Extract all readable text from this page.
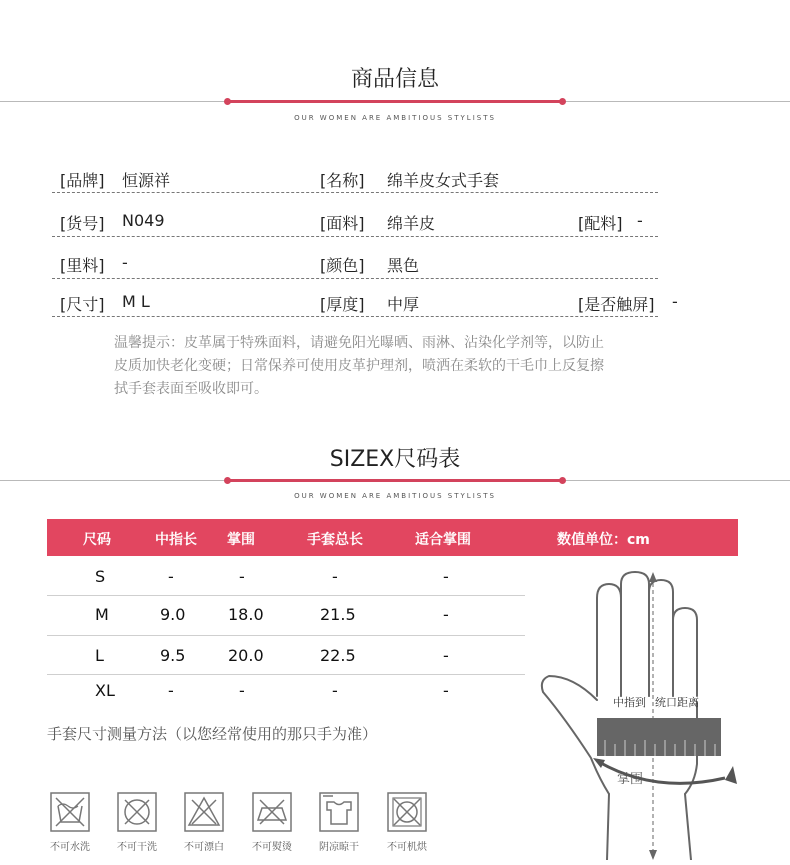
商品信息
OUR WOMEN ARE AMBITIOUS STYLISTS
[品牌] 恒源祥	[名称] 绵羊皮女式手套
[货号] N049	[面料] 绵羊皮	[配料] -
[里料] -	[颜色] 黑色
[尺寸] M L	[厚度] 中厚	[是否触屏] -
温馨提示：皮革属于特殊面料，请避免阳光曝晒、雨淋、沾染化学剂等，以防止
皮质加快老化变硬；日常保养可使用皮革护理剂，喷洒在柔软的干毛巾上反复擦
拭手套表面至吸收即可。
SIZEX尺码表
OUR WOMEN ARE AMBITIOUS STYLISTS
尺码	中指长 掌围	手套总长	适合掌围	数值单位：cm
S	-	-	-	-
M	9.0	18.0	21.5	-
L	9.5	20.0	22.5	-
XL	-	-	-	-
手套尺寸测量方法（以您经常使用的那只手为准）
中指到 统口距离
掌围
不可水洗	不可干洗	不可漂白	不可熨烫	阴凉晾干	不可机烘
